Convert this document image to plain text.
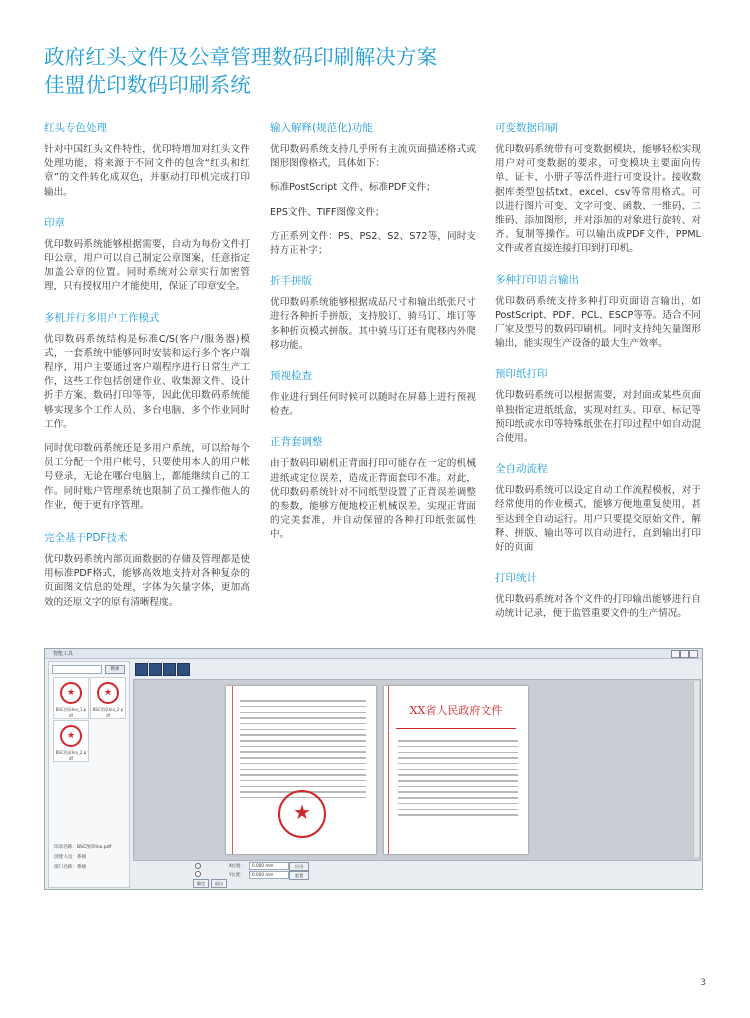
政府红头文件及公章管理数码印刷解决方案
佳盟优印数码印刷系统
红头专色处理
针对中国红头文件特性，优印特增加对红头文件处理功能，将来源于不同文件的包含“红头和红章”的文件转化成双色，并驱动打印机完成打印输出。
印章
优印数码系统能够根据需要，自动为每份文件打印公章，用户可以自己制定公章图案，任意指定加盖公章的位置。同时系统对公章实行加密管理，只有授权用户才能使用，保证了印章安全。
多机并行多用户工作模式
优印数码系统结构是标准C/S(客户/服务器)模式，一套系统中能够同时安装和运行多个客户端程序，用户主要通过客户端程序进行日常生产工作，这些工作包括创建作业、收集源文件、设计折手方案、数码打印等等，因此优印数码系统能够实现多个工作人员、多台电脑、多个作业同时工作。
同时优印数码系统还是多用户系统，可以给每个员工分配一个用户帐号，只要使用本人的用户帐号登录，无论在哪台电脑上，都能继续自己的工作。同时账户管理系统也限制了员工操作他人的作业，便于更有序管理。
完全基于PDF技术
优印数码系统内部页面数据的存储及管理都是使用标准PDF格式，能够高效地支持对各种复杂的页面图文信息的处理，字体为矢量字体，更加高效的还原文字的原有清晰程度。
输入解释(规范化)功能
优印数码系统支持几乎所有主流页面描述格式或图形图像格式，具体如下：
标准PostScript 文件、标准PDF文件；
EPS文件、TIFF图像文件；
方正系列文件：PS、PS2、S2、S72等，同时支持方正补字；
折手拼版
优印数码系统能够根据成品尺寸和输出纸张尺寸进行各种折手拼版，支持胶订、骑马订、堆订等多种折页模式拼版。其中骑马订还有爬移内外爬移功能。
预视检查
作业进行到任何时候可以随时在屏幕上进行预视检查。
正背套调整
由于数码印刷机正背面打印可能存在一定的机械进纸或定位误差，造成正背面套印不准。对此，优印数码系统针对不同纸型设置了正背误差调整的参数，能够方便地校正机械误差，实现正背面的完美套准，并自动保留的各种打印纸张属性中。
可变数据印刷
优印数码系统带有可变数据模块，能够轻松实现用户对可变数据的要求，可变模块主要面向传单、证卡、小册子等活件进行可变设计。接收数据库类型包括txt、excel、csv等常用格式。可以进行图片可变、文字可变、函数、一维码、二维码、添加图形，并对添加的对象进行旋转、对齐、复制等操作。可以输出成PDF文件，PPML文件或者直接连接打印到打印机。
多种打印语言输出
优印数码系统支持多种打印页面语言输出，如PostScript、PDF、PCL、ESCP等等。适合不同厂家及型号的数码印刷机。同时支持纯矢量图形输出，能实现生产设备的最大生产效率。
预印纸打印
优印数码系统可以根据需要，对封面或某些页面单独指定进纸纸盒，实现对红头、印章、标记等预印纸或水印等特殊纸张在打印过程中如自动混合使用。
全自动流程
优印数码系统可以设定自动工作流程模板，对于经常使用的作业模式，能够方便地重复使用，甚至达到全自动运行。用户只要提交原始文件，解释、拼版、输出等可以自动进行，直到输出打印好的页面
打印统计
优印数码系统对各个文件的打印输出能够进行自动统计记录，便于监管重要文件的生产情况。
智能工具
搜索
★
BSC图章Ino_1.p df
★
BSC图章Ino_2.p df
★
BSC图章Ino_2.p df
印章名称：BSC图章Ino.pdf
创建人员：系统
部门名称：系统
★
XX省人民政府文件
X位置：	0.000 mm
Y位置：	0.000 mm
应用
重置
确定	退出
3
